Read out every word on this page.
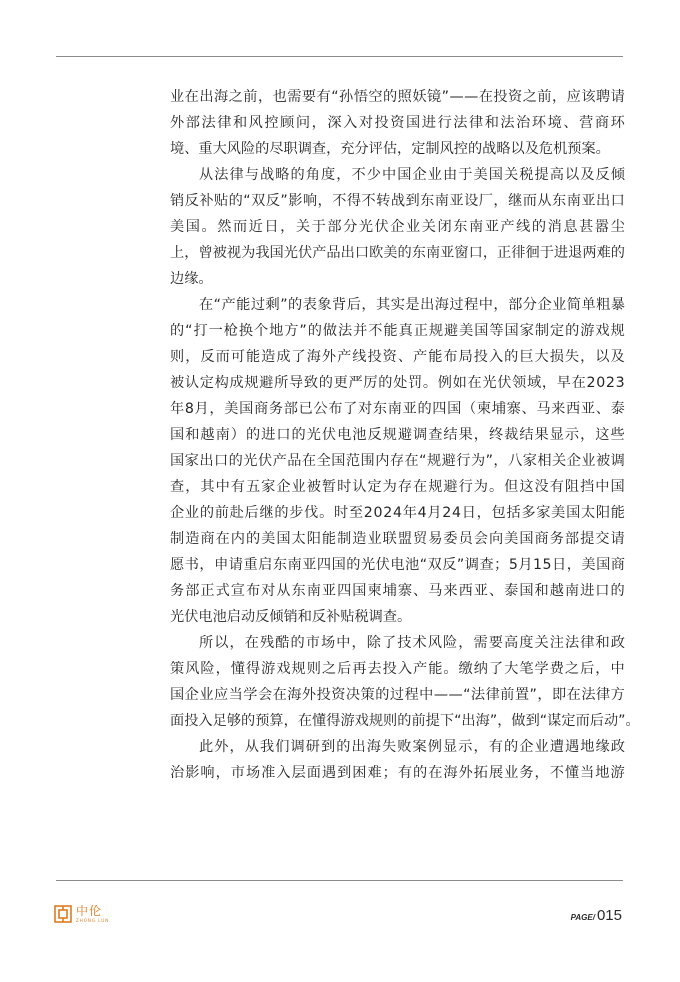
业 在 出 海 之 前 ， 也 需 要 有 “ 孙 悟 空 的 照 妖 镜 ” — — 在 投 资 之 前 ， 应 该 聘 请
外 部 法 律 和 风 控 顾 问 ， 深 入 对 投 资 国 进 行 法 律 和 法 治 环 境 、 营 商 环
境、重大风险的尽职调查，充分评估，定制风控的战略以及危机预案。
从 法 律 与 战 略 的 角 度 ， 不 少 中 国 企 业 由 于 美 国 关 税 提 高 以 及 反 倾
销 反 补 贴 的 “ 双 反 ” 影 响 ， 不 得 不 转 战 到 东 南 亚 设 厂 ， 继 而 从 东 南 亚 出 口
美 国 。 然 而 近 日 ， 关 于 部 分 光 伏 企 业 关 闭 东 南 亚 产 线 的 消 息 甚 嚣 尘
上 ， 曾 被 视 为 我 国 光 伏 产 品 出 口 欧 美 的 东 南 亚 窗 口 ， 正 徘 徊 于 进 退 两 难 的
边缘。
在 “ 产 能 过 剩 ” 的 表 象 背 后 ， 其 实 是 出 海 过 程 中 ， 部 分 企 业 简 单 粗 暴
的 “ 打 一 枪 换 个 地 方 ” 的 做 法 并 不 能 真 正 规 避 美 国 等 国 家 制 定 的 游 戏 规
则 ， 反 而 可 能 造 成 了 海 外 产 线 投 资 、 产 能 布 局 投 入 的 巨 大 损 失 ， 以 及
被 认 定 构 成 规 避 所 导 致 的 更 严 厉 的 处 罚 。 例 如 在 光 伏 领 域 ， 早 在 2 0 2 3
年 8 月 ， 美 国 商 务 部 已 公 布 了 对 东 南 亚 的 四 国 （ 柬 埔 寨 、 马 来 西 亚 、 泰
国 和 越 南 ） 的 进 口 的 光 伏 电 池 反 规 避 调 查 结 果 ， 终 裁 结 果 显 示 ， 这 些
国 家 出 口 的 光 伏 产 品 在 全 国 范 围 内 存 在 “ 规 避 行 为 ” ， 八 家 相 关 企 业 被 调
查 ， 其 中 有 五 家 企 业 被 暂 时 认 定 为 存 在 规 避 行 为 。 但 这 没 有 阻 挡 中 国
企 业 的 前 赴 后 继 的 步 伐 。 时 至 2 0 2 4 年 4 月 2 4 日 ， 包 括 多 家 美 国 太 阳 能
制 造 商 在 内 的 美 国 太 阳 能 制 造 业 联 盟 贸 易 委 员 会 向 美 国 商 务 部 提 交 请
愿 书 ， 申 请 重 启 东 南 亚 四 国 的 光 伏 电 池 “ 双 反 ” 调 查 ； 5 月 1 5 日 ， 美 国 商
务 部 正 式 宣 布 对 从 东 南 亚 四 国 柬 埔 寨 、 马 来 西 亚 、 泰 国 和 越 南 进 口 的
光伏电池启动反倾销和反补贴税调查。
所 以 ， 在 残 酷 的 市 场 中 ， 除 了 技 术 风 险 ， 需 要 高 度 关 注 法 律 和 政
策 风 险 ， 懂 得 游 戏 规 则 之 后 再 去 投 入 产 能 。 缴 纳 了 大 笔 学 费 之 后 ， 中
国 企 业 应 当 学 会 在 海 外 投 资 决 策 的 过 程 中 — — “ 法 律 前 置 ” ， 即 在 法 律 方
面 投 入 足 够 的 预 算 ， 在 懂 得 游 戏 规 则 的 前 提 下 “ 出 海 ” ， 做 到 “ 谋 定 而 后 动 ” 。
此 外 ， 从 我 们 调 研 到 的 出 海 失 败 案 例 显 示 ， 有 的 企 业 遭 遇 地 缘 政
治 影 响 ， 市 场 准 入 层 面 遇 到 困 难 ； 有 的 在 海 外 拓 展 业 务 ， 不 懂 当 地 游
中伦
ZHONG LUN	PAGE/ 015
